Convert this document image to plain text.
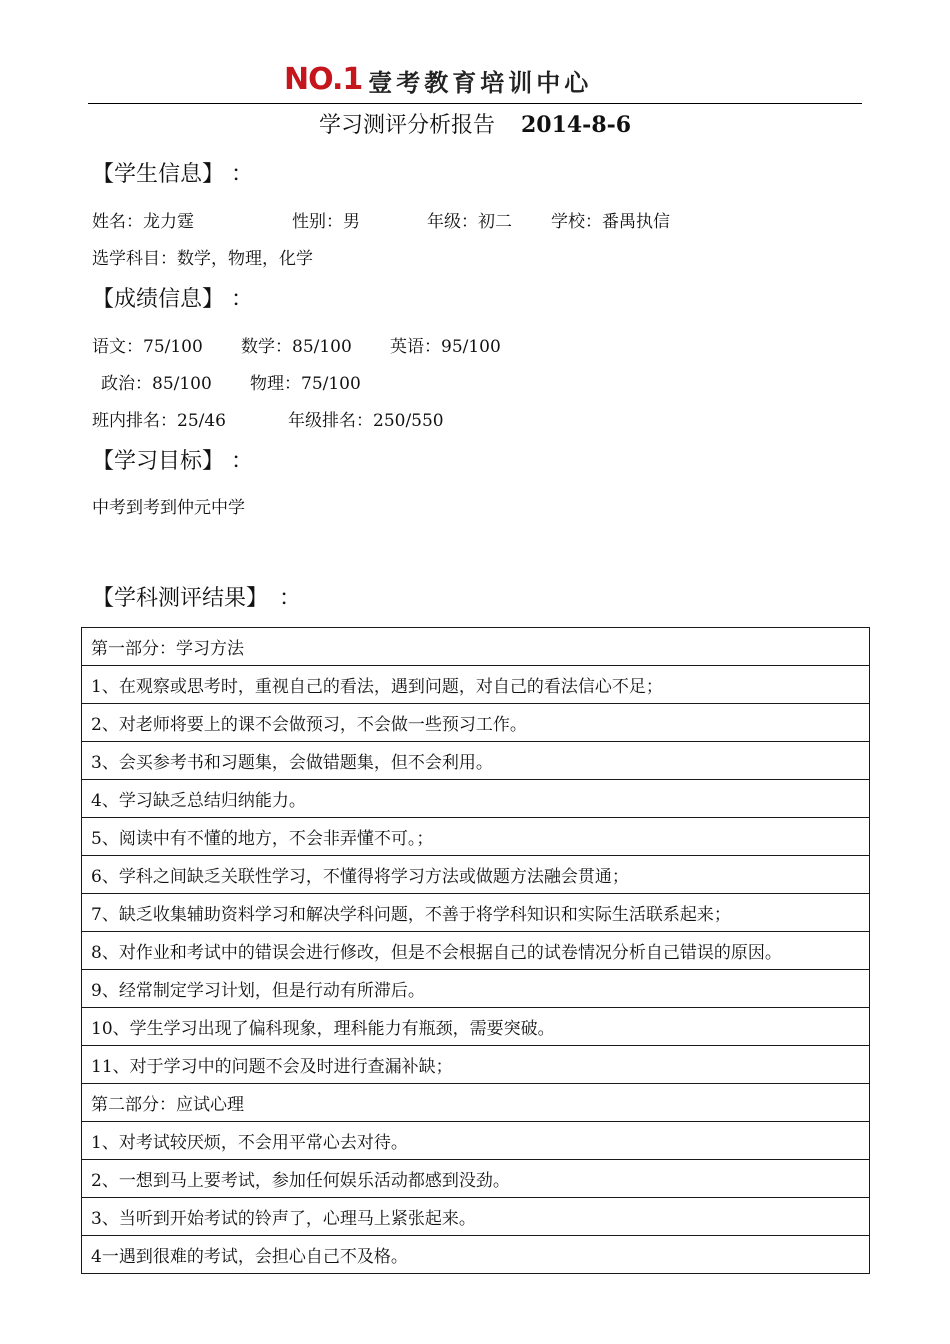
NO.1 壹考教育培训中心
学习测评分析报告 2014-8-6
【学生信息】 ：
姓名：龙力霆	性别：男	年级：初二 学校：番禺执信
选学科目：数学，物理，化学
【成绩信息】 ：
语文：75/100 数学：85/100 英语：95/100
政治：85/100 物理：75/100
班内排名：25/46	年级排名：250/550
【学习目标】 ：
中考到考到仲元中学
【学科测评结果】 ：
第一部分：学习方法
1、在观察或思考时，重视自己的看法，遇到问题，对自己的看法信心不足；
2、对老师将要上的课不会做预习，不会做一些预习工作。
3、会买参考书和习题集，会做错题集，但不会利用。
4、学习缺乏总结归纳能力。
5、阅读中有不懂的地方，不会非弄懂不可。；
6、学科之间缺乏关联性学习，不懂得将学习方法或做题方法融会贯通；
7、缺乏收集辅助资料学习和解决学科问题，不善于将学科知识和实际生活联系起来；
8、对作业和考试中的错误会进行修改，但是不会根据自己的试卷情况分析自己错误的原因。
9、经常制定学习计划，但是行动有所滞后。
10、学生学习出现了偏科现象，理科能力有瓶颈，需要突破。
11、对于学习中的问题不会及时进行查漏补缺；
第二部分：应试心理
1、对考试较厌烦，不会用平常心去对待。
2、一想到马上要考试，参加任何娱乐活动都感到没劲。
3、当听到开始考试的铃声了，心理马上紧张起来。
4一遇到很难的考试，会担心自己不及格。
